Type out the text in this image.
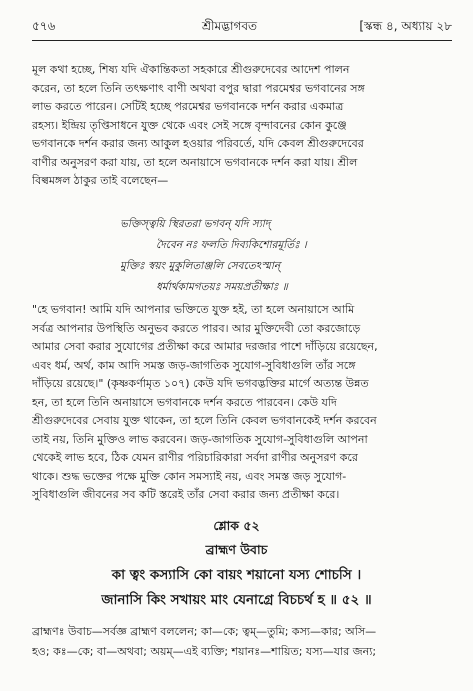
৫৭৬	শ্রীমদ্ভাগবত	[স্কন্ধ ৪, অধ্যায় ২৮
মূল কথা হচ্ছে, শিষ্য যদি ঐকান্তিকতা সহকারে শ্রীগুরুদেবের আদেশ পালন
করেন, তা হলে তিনি তৎক্ষণাৎ বাণী অথবা বপুর দ্বারা পরমেশ্বর ভগবানের সঙ্গ
লাভ করতে পারেন। সেটিই হচ্ছে পরমেশ্বর ভগবানকে দর্শন করার একমাত্র
রহস্য। ইন্দ্রিয় তৃপ্তিসাধনে যুক্ত থেকে এবং সেই সঙ্গে বৃন্দাবনের কোন কুঞ্জে
ভগবানকে দর্শন করার জন্য আকুল হওয়ার পরিবর্তে, যদি কেবল শ্রীগুরুদেবের
বাণীর অনুসরণ করা যায়, তা হলে অনায়াসে ভগবানকে দর্শন করা যায়। শ্রীল
বিল্বমঙ্গল ঠাকুর তাই বলেছেন—
ভক্তিস্ত্বয়ি স্থিরতরা ভগবন্ যদি স্যাদ্
দৈবেন নঃ ফলতি দিব্যকিশোরমূর্তিঃ ।
মুক্তিঃ স্বয়ং মুকুলিতাঞ্জলি সেবতেঽস্মান্
ধর্মার্থকামগতয়ঃ সময়প্রতীক্ষাঃ ॥
"হে ভগবান! আমি যদি আপনার ভক্তিতে যুক্ত হই, তা হলে অনায়াসে আমি
সর্বত্র আপনার উপস্থিতি অনুভব করতে পারব। আর মুক্তিদেবী তো করজোড়ে
আমার সেবা করার সুযোগের প্রতীক্ষা করে আমার দরজার পাশে দাঁড়িয়ে রয়েছেন,
এবং ধর্ম, অর্থ, কাম আদি সমস্ত জড়-জাগতিক সুযোগ-সুবিধাগুলি তাঁর সঙ্গে
দাঁড়িয়ে রয়েছে।" (কৃষ্ণকর্ণামৃত ১০৭) কেউ যদি ভগবদ্ভক্তির মার্গে অত্যন্ত উন্নত
হন, তা হলে তিনি অনায়াসে ভগবানকে দর্শন করতে পারবেন। কেউ যদি
শ্রীগুরুদেবের সেবায় যুক্ত থাকেন, তা হলে তিনি কেবল ভগবানকেই দর্শন করবেন
তাই নয়, তিনি মুক্তিও লাভ করবেন। জড়-জাগতিক সুযোগ-সুবিধাগুলি আপনা
থেকেই লাভ হবে, ঠিক যেমন রাণীর পরিচারিকারা সর্বদা রাণীর অনুসরণ করে
থাকে। শুদ্ধ ভক্তের পক্ষে মুক্তি কোন সমস্যাই নয়, এবং সমস্ত জড় সুযোগ-
সুবিধাগুলি জীবনের সব কটি স্তরেই তাঁর সেবা করার জন্য প্রতীক্ষা করে।
শ্লোক ৫২
ব্রাহ্মণ উবাচ
কা ত্বং কস্যাসি কো বায়ং শয়ানো যস্য শোচসি ।
জানাসি কিং সখায়ং মাং যেনাগ্রে বিচচর্থ হ ॥ ৫২ ॥
ব্রাহ্মণঃ উবাচ—সর্বজ্ঞ ব্রাহ্মণ বললেন; কা—কে; ত্বম্—তুমি; কস্য—কার; অসি—
হও; কঃ—কে; বা—অথবা; অয়ম্—এই ব্যক্তি; শয়ানঃ—শায়িত; যস্য—যার জন্য;
